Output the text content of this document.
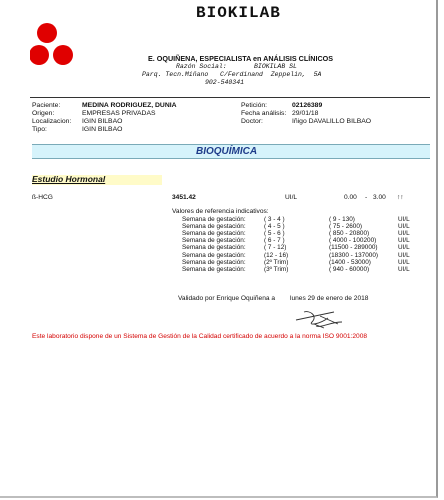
BIOKILAB
E. OQUIÑENA, ESPECIALISTA en ANÁLISIS CLÍNICOS
Razón Social:       BIOKILAB SL
Parq. Tecn.Miñano   C/Ferdinand  Zeppelin,  5A
902-540341
Paciente:	MEDINA RODRIGUEZ, DUNIA
Origen:	EMPRESAS PRIVADAS
Localizacion: IGIN BILBAO
Tipo:	IGIN BILBAO
Petición:	02126389
Fecha análisis: 29/01/18
Doctor:	Iñigo DAVALILLO BILBAO
BIOQUÍMICA
Estudio Hormonal
ß-HCG	3451.42	UI/L	0.00 - 3.00 ↑↑
Valores de referencia indicativos:
Semana de gestación:	( 3 - 4 )	( 9 - 130)	UI/L
Semana de gestación:	( 4 - 5 )	( 75 - 2600)	UI/L
Semana de gestación:	( 5 - 6 )	( 850 - 20800)	UI/L
Semana de gestación:	( 6 - 7 )	( 4000 - 100200)	UI/L
Semana de gestación:	( 7 - 12)	(11500 - 289000)	UI/L
Semana de gestación:	(12 - 16)	(18300 - 137000)	UI/L
Semana de gestación:	(2º Trim)	(1400 - 53000)	UI/L
Semana de gestación:	(3º Trim)	( 940 - 60000)	UI/L
Validado por Enrique Oquiñena a lunes 29 de enero de 2018
Este laboratorio dispone de un Sistema de Gestión de la Calidad certificado de acuerdo a la norma ISO 9001:2008
